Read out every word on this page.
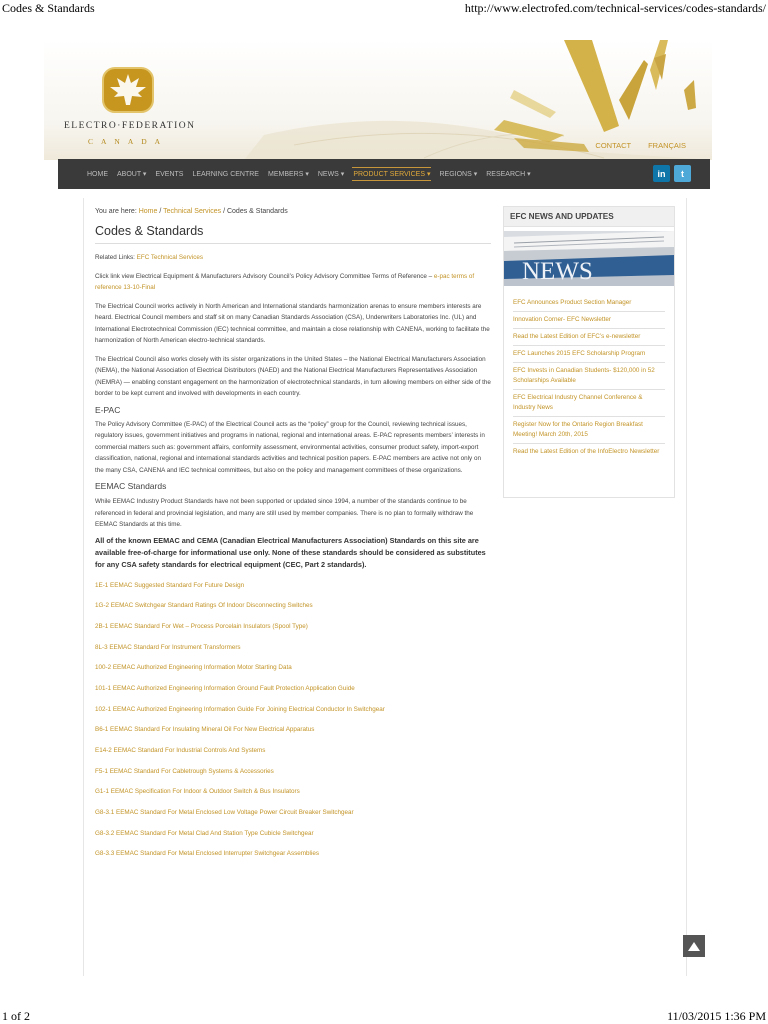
Codes & Standards	http://www.electrofed.com/technical-services/codes-standards/
ELECTRO·FEDERATION
CANADA	CONTACT FRANÇAIS
HOME ABOUT ▾ EVENTS LEARNING CENTRE MEMBERS ▾ NEWS ▾ PRODUCT SERVICES ▾ REGIONS ▾ RESEARCH ▾	in	t
You are here: Home / Technical Services / Codes & Standards
Codes & Standards

Related Links: EFC Technical Services

Click link view Electrical Equipment & Manufacturers Advisory Council’s Policy Advisory Committee Terms of Reference – e-pac terms of reference 13-10-Final

The Electrical Council works actively in North American and International standards harmonization arenas to ensure members interests are heard. Electrical Council members and staff sit on many Canadian Standards Association (CSA), Underwriters Laboratories Inc. (UL) and International Electrotechnical Commission (IEC) technical committee, and maintain a close relationship with CANENA, working to facilitate the harmonization of North American electro-technical standards.

The Electrical Council also works closely with its sister organizations in the United States – the National Electrical Manufacturers Association (NEMA), the National Association of Electrical Distributors (NAED) and the National Electrical Manufacturers Representatives Association (NEMRA) — enabling constant engagement on the harmonization of electrotechnical standards, in turn allowing members on either side of the border to be kept current and involved with developments in each country.

E-PAC

The Policy Advisory Committee (E-PAC) of the Electrical Council acts as the “policy” group for the Council, reviewing technical issues, regulatory issues, government initiatives and programs in national, regional and international areas. E-PAC represents members’ interests in commercial matters such as: government affairs, conformity assessment, environmental activities, consumer product safety, import-export classification, national, regional and international standards activities and technical position papers. E-PAC members are active not only on the many CSA, CANENA and IEC technical committees, but also on the policy and management committees of these organizations.

EEMAC Standards

While EEMAC Industry Product Standards have not been supported or updated since 1994, a number of the standards continue to be referenced in federal and provincial legislation, and many are still used by member companies. There is no plan to formally withdraw the EEMAC Standards at this time.

All of the known EEMAC and CEMA (Canadian Electrical Manufacturers Association) Standards on this site are available free-of-charge for informational use only. None of these standards should be considered as substitutes for any CSA safety standards for electrical equipment (CEC, Part 2 standards).

1E-1 EEMAC Suggested Standard For Future Design
1G-2 EEMAC Switchgear Standard Ratings Of Indoor Disconnecting Switches
2B-1 EEMAC Standard For Wet – Process Porcelain Insulators (Spool Type)
8L-3 EEMAC Standard For Instrument Transformers
100-2 EEMAC Authorized Engineering Information Motor Starting Data
101-1 EEMAC Authorized Engineering Information Ground Fault Protection Application Guide
102-1 EEMAC Authorized Engineering Information Guide For Joining Electrical Conductor In Switchgear
B6-1 EEMAC Standard For Insulating Mineral Oil For New Electrical Apparatus
E14-2 EEMAC Standard For Industrial Controls And Systems
F5-1 EEMAC Standard For Cabletrough Systems & Accessories
G1-1 EEMAC Specification For Indoor & Outdoor Switch & Bus Insulators
G8-3.1 EEMAC Standard For Metal Enclosed Low Voltage Power Circuit Breaker Switchgear
G8-3.2 EEMAC Standard For Metal Clad And Station Type Cubicle Switchgear
G8-3.3 EEMAC Standard For Metal Enclosed Interrupter Switchgear Assemblies
EFC NEWS AND UPDATES
NEWS
EFC Announces Product Section Manager
Innovation Corner- EFC Newsletter
Read the Latest Edition of EFC’s e-newsletter
EFC Launches 2015 EFC Scholarship Program
EFC Invests in Canadian Students- $120,000 in 52 Scholarships Available
EFC Electrical Industry Channel Conference & Industry News
Register Now for the Ontario Region Breakfast Meeting! March 20th, 2015
Read the Latest Edition of the InfoElectro Newsletter
1 of 2	11/03/2015 1:36 PM
